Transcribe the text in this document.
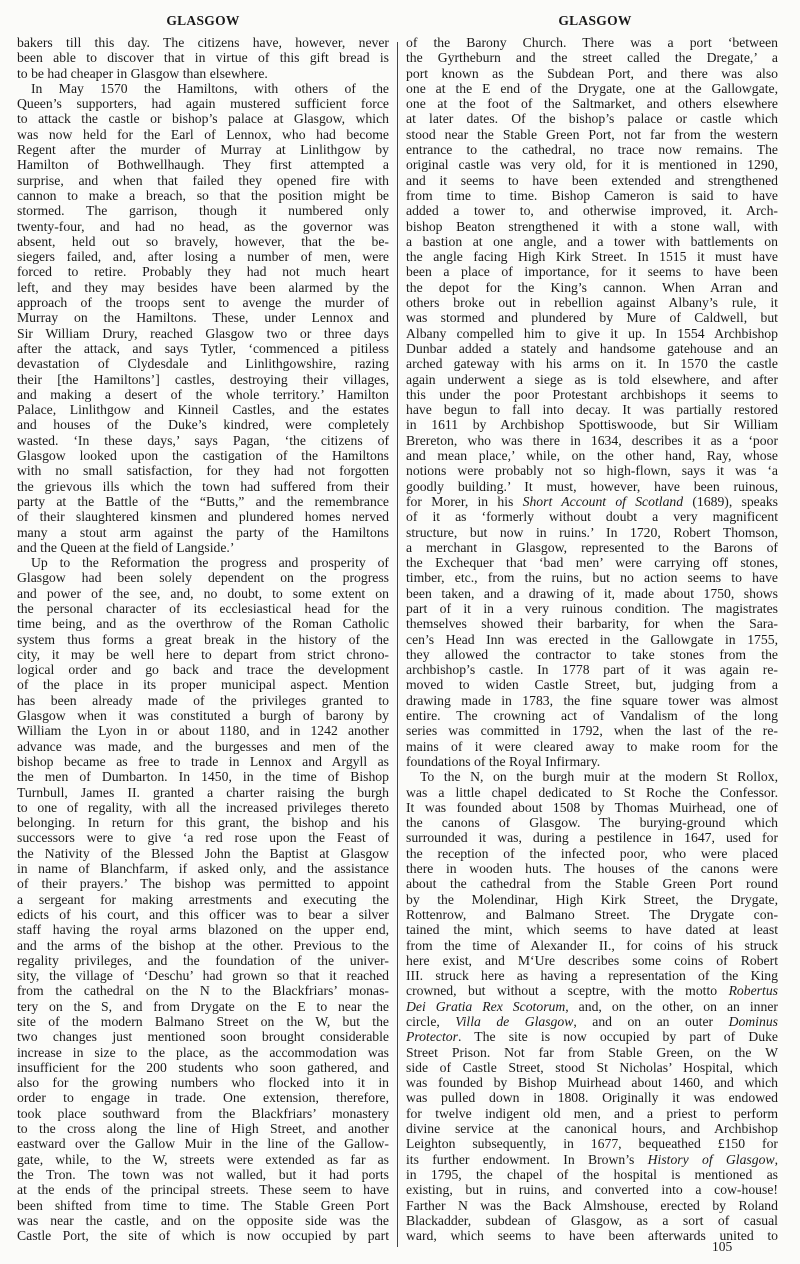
GLASGOW	GLASGOW
bakers till this day. The citizens have, however, never
been able to discover that in virtue of this gift bread is
to be had cheaper in Glasgow than elsewhere.
In May 1570 the Hamiltons, with others of the
Queen’s supporters, had again mustered sufficient force
to attack the castle or bishop’s palace at Glasgow, which
was now held for the Earl of Lennox, who had become
Regent after the murder of Murray at Linlithgow by
Hamilton of Bothwellhaugh. They first attempted a
surprise, and when that failed they opened fire with
cannon to make a breach, so that the position might be
stormed. The garrison, though it numbered only
twenty-four, and had no head, as the governor was
absent, held out so bravely, however, that the be-
siegers failed, and, after losing a number of men, were
forced to retire. Probably they had not much heart
left, and they may besides have been alarmed by the
approach of the troops sent to avenge the murder of
Murray on the Hamiltons. These, under Lennox and
Sir William Drury, reached Glasgow two or three days
after the attack, and says Tytler, ‘commenced a pitiless
devastation of Clydesdale and Linlithgowshire, razing
their [the Hamiltons’] castles, destroying their villages,
and making a desert of the whole territory.’ Hamilton
Palace, Linlithgow and Kinneil Castles, and the estates
and houses of the Duke’s kindred, were completely
wasted. ‘In these days,’ says Pagan, ‘the citizens of
Glasgow looked upon the castigation of the Hamiltons
with no small satisfaction, for they had not forgotten
the grievous ills which the town had suffered from their
party at the Battle of the “Butts,” and the remembrance
of their slaughtered kinsmen and plundered homes nerved
many a stout arm against the party of the Hamiltons
and the Queen at the field of Langside.’
Up to the Reformation the progress and prosperity of
Glasgow had been solely dependent on the progress
and power of the see, and, no doubt, to some extent on
the personal character of its ecclesiastical head for the
time being, and as the overthrow of the Roman Catholic
system thus forms a great break in the history of the
city, it may be well here to depart from strict chrono-
logical order and go back and trace the development
of the place in its proper municipal aspect. Mention
has been already made of the privileges granted to
Glasgow when it was constituted a burgh of barony by
William the Lyon in or about 1180, and in 1242 another
advance was made, and the burgesses and men of the
bishop became as free to trade in Lennox and Argyll as
the men of Dumbarton. In 1450, in the time of Bishop
Turnbull, James II. granted a charter raising the burgh
to one of regality, with all the increased privileges thereto
belonging. In return for this grant, the bishop and his
successors were to give ‘a red rose upon the Feast of
the Nativity of the Blessed John the Baptist at Glasgow
in name of Blanchfarm, if asked only, and the assistance
of their prayers.’ The bishop was permitted to appoint
a sergeant for making arrestments and executing the
edicts of his court, and this officer was to bear a silver
staff having the royal arms blazoned on the upper end,
and the arms of the bishop at the other. Previous to the
regality privileges, and the foundation of the univer-
sity, the village of ‘Deschu’ had grown so that it reached
from the cathedral on the N to the Blackfriars’ monas-
tery on the S, and from Drygate on the E to near the
site of the modern Balmano Street on the W, but the
two changes just mentioned soon brought considerable
increase in size to the place, as the accommodation was
insufficient for the 200 students who soon gathered, and
also for the growing numbers who flocked into it in
order to engage in trade. One extension, therefore,
took place southward from the Blackfriars’ monastery
to the cross along the line of High Street, and another
eastward over the Gallow Muir in the line of the Gallow-
gate, while, to the W, streets were extended as far as
the Tron. The town was not walled, but it had ports
at the ends of the principal streets. These seem to have
been shifted from time to time. The Stable Green Port
was near the castle, and on the opposite side was the
Castle Port, the site of which is now occupied by part
of the Barony Church. There was a port ‘between
the Gyrtheburn and the street called the Dregate,’ a
port known as the Subdean Port, and there was also
one at the E end of the Drygate, one at the Gallowgate,
one at the foot of the Saltmarket, and others elsewhere
at later dates. Of the bishop’s palace or castle which
stood near the Stable Green Port, not far from the western
entrance to the cathedral, no trace now remains. The
original castle was very old, for it is mentioned in 1290,
and it seems to have been extended and strengthened
from time to time. Bishop Cameron is said to have
added a tower to, and otherwise improved, it. Arch-
bishop Beaton strengthened it with a stone wall, with
a bastion at one angle, and a tower with battlements on
the angle facing High Kirk Street. In 1515 it must have
been a place of importance, for it seems to have been
the depot for the King’s cannon. When Arran and
others broke out in rebellion against Albany’s rule, it
was stormed and plundered by Mure of Caldwell, but
Albany compelled him to give it up. In 1554 Archbishop
Dunbar added a stately and handsome gatehouse and an
arched gateway with his arms on it. In 1570 the castle
again underwent a siege as is told elsewhere, and after
this under the poor Protestant archbishops it seems to
have begun to fall into decay. It was partially restored
in 1611 by Archbishop Spottiswoode, but Sir William
Brereton, who was there in 1634, describes it as a ‘poor
and mean place,’ while, on the other hand, Ray, whose
notions were probably not so high-flown, says it was ‘a
goodly building.’ It must, however, have been ruinous,
for Morer, in his Short Account of Scotland (1689), speaks
of it as ‘formerly without doubt a very magnificent
structure, but now in ruins.’ In 1720, Robert Thomson,
a merchant in Glasgow, represented to the Barons of
the Exchequer that ‘bad men’ were carrying off stones,
timber, etc., from the ruins, but no action seems to have
been taken, and a drawing of it, made about 1750, shows
part of it in a very ruinous condition. The magistrates
themselves showed their barbarity, for when the Sara-
cen’s Head Inn was erected in the Gallowgate in 1755,
they allowed the contractor to take stones from the
archbishop’s castle. In 1778 part of it was again re-
moved to widen Castle Street, but, judging from a
drawing made in 1783, the fine square tower was almost
entire. The crowning act of Vandalism of the long
series was committed in 1792, when the last of the re-
mains of it were cleared away to make room for the
foundations of the Royal Infirmary.
To the N, on the burgh muir at the modern St Rollox,
was a little chapel dedicated to St Roche the Confessor.
It was founded about 1508 by Thomas Muirhead, one of
the canons of Glasgow. The burying-ground which
surrounded it was, during a pestilence in 1647, used for
the reception of the infected poor, who were placed
there in wooden huts. The houses of the canons were
about the cathedral from the Stable Green Port round
by the Molendinar, High Kirk Street, the Drygate,
Rottenrow, and Balmano Street. The Drygate con-
tained the mint, which seems to have dated at least
from the time of Alexander II., for coins of his struck
here exist, and M‘Ure describes some coins of Robert
III. struck here as having a representation of the King
crowned, but without a sceptre, with the motto Robertus
Dei Gratia Rex Scotorum, and, on the other, on an inner
circle, Villa de Glasgow, and on an outer Dominus
Protector. The site is now occupied by part of Duke
Street Prison. Not far from Stable Green, on the W
side of Castle Street, stood St Nicholas’ Hospital, which
was founded by Bishop Muirhead about 1460, and which
was pulled down in 1808. Originally it was endowed
for twelve indigent old men, and a priest to perform
divine service at the canonical hours, and Archbishop
Leighton subsequently, in 1677, bequeathed £150 for
its further endowment. In Brown’s History of Glasgow,
in 1795, the chapel of the hospital is mentioned as
existing, but in ruins, and converted into a cow-house!
Farther N was the Back Almshouse, erected by Roland
Blackadder, subdean of Glasgow, as a sort of casual
ward, which seems to have been afterwards united to
105
